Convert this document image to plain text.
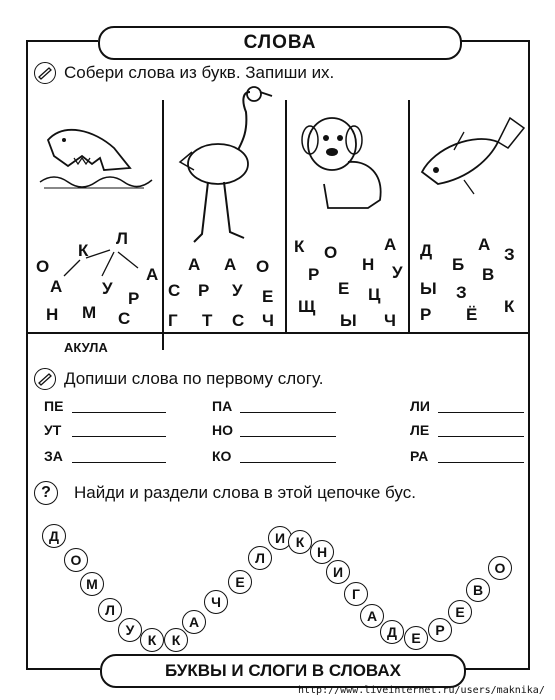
СЛОВА
Собери слова из букв. Запиши их.
О
К
Л
А
А
У
Р
Н М С
АКУЛА
А А О
С Р У Е
Г Т С Ч
К О	А
Р
Н У
Е Ц
Щ
Ы Ч
Д	А
Б
З
В
Ы З
Р Ё К
Допиши слова по первому слогу.
ПЕ	ПА	ЛИ
УТ	НО	ЛЕ
ЗА	КО	РА
?	Найди и раздели слова в этой цепочке бус.
Д
О
М
Л
У
К	К
А
Ч
Е
Л
И К
Н
И
Г
А
Д	Е	Р
Е
В
О
БУКВЫ И СЛОГИ В СЛОВАХ
http://www.liveinternet.ru/users/maknika/
